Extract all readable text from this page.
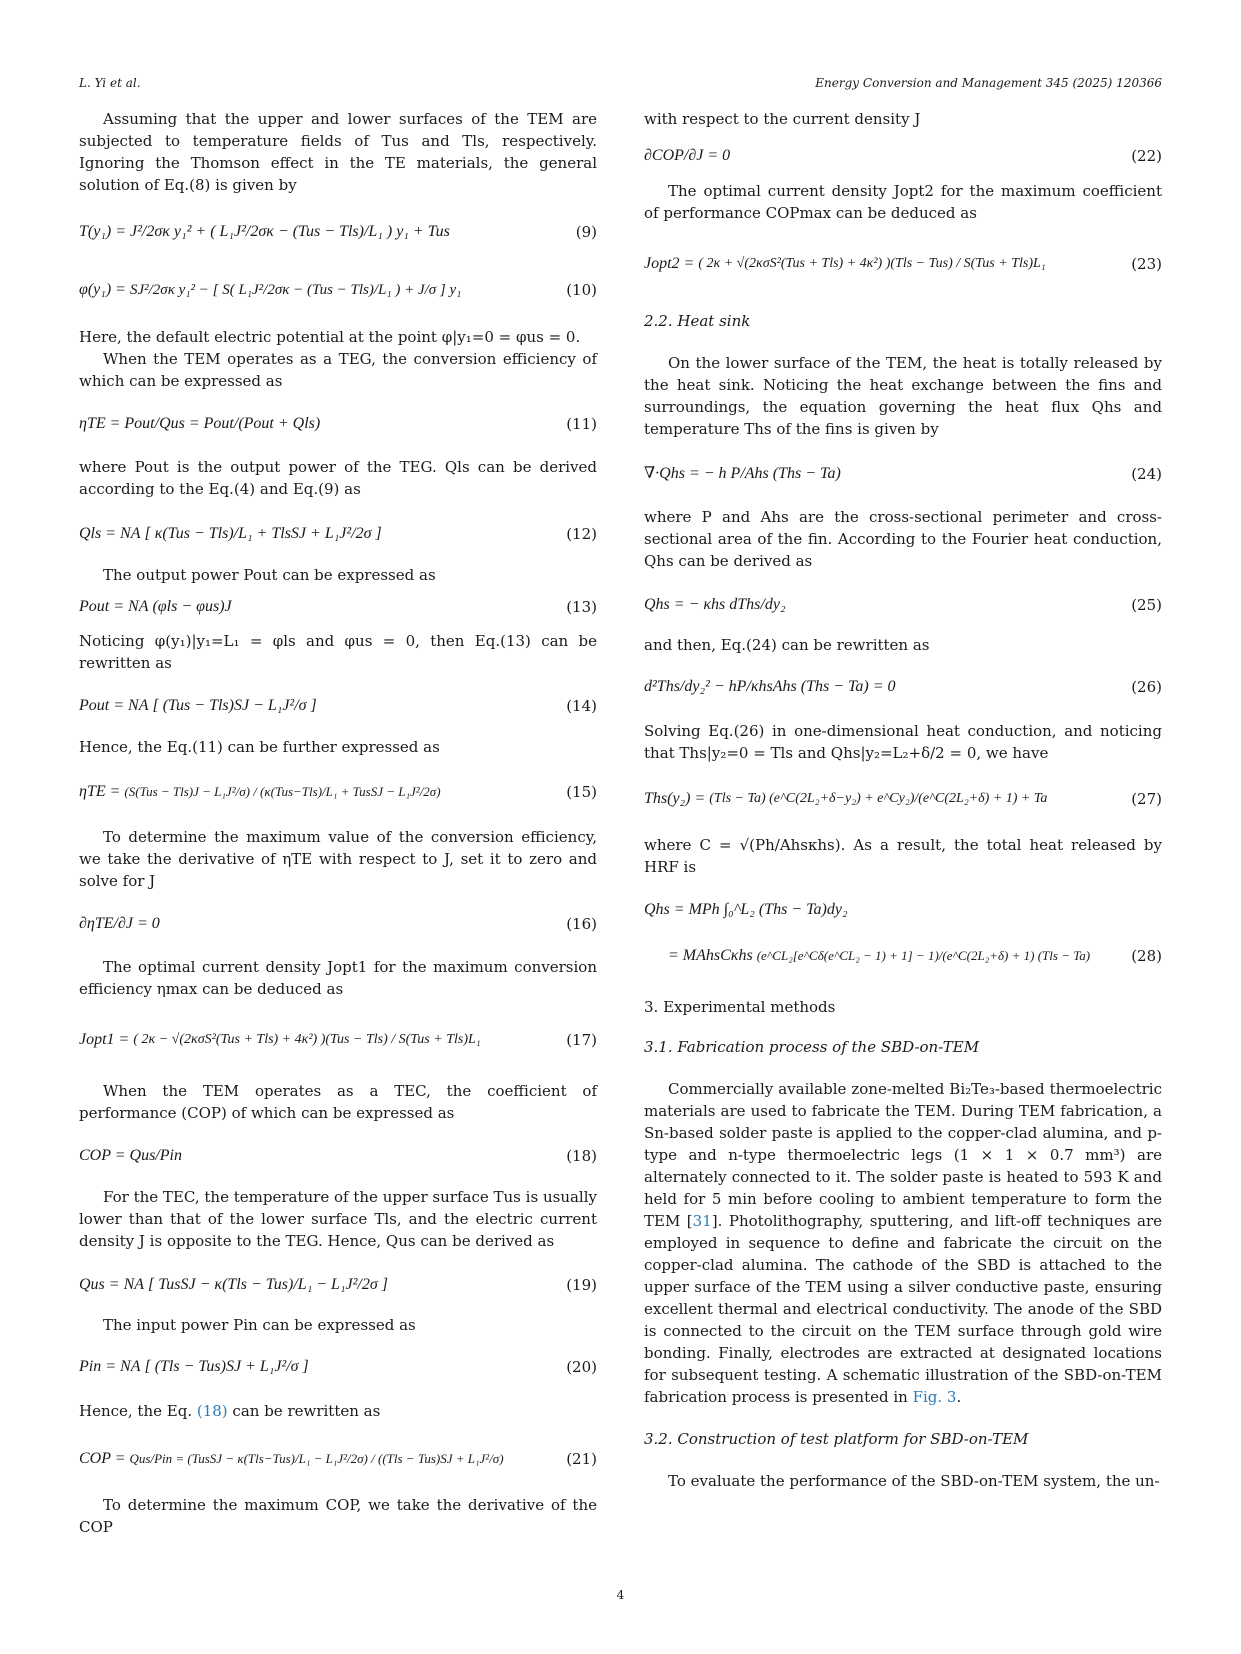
L. Yi et al.	Energy Conversion and Management 345 (2025) 120366

Assuming that the upper and lower surfaces of the TEM are subjected to temperature fields of Tus and Tls, respectively. Ignoring the Thomson effect in the TE materials, the general solution of Eq.(8) is given by

T(y₁) =
J²/2σκ y₁² + ( L₁J²/2σκ − (Tus − Tls)/L₁ ) y₁ + Tus	(9)
φ(y₁) =
SJ²/2σκ y₁² − [ S( L₁J²/2σκ − (Tus − Tls)/L₁ ) + J/σ ] y₁	(10)

Here, the default electric potential at the point φ|y₁=0 = φus = 0.

When the TEM operates as a TEG, the conversion efficiency of which can be expressed as

ηTE =
Pout/Qus = Pout/(Pout + Qls)	(11)

where Pout is the output power of the TEG. Qls can be derived according to the Eq.(4) and Eq.(9) as

Qls = NA
[ κ(Tus − Tls)/L₁ + TlsSJ + L₁J²/2σ ]	(12)

The output power Pout can be expressed as

Pout = NA
(φls − φus)J	(13)

Noticing φ(y₁)|y₁=L₁ = φls and φus = 0, then Eq.(13) can be rewritten as

Pout = NA
[ (Tus − Tls)SJ − L₁J²/σ ]	(14)

Hence, the Eq.(11) can be further expressed as

ηTE =
(S(Tus − Tls)J − L₁J²/σ) / (κ(Tus−Tls)/L₁ + TusSJ − L₁J²/2σ)	(15)

To determine the maximum value of the conversion efficiency, we take the derivative of ηTE with respect to J, set it to zero and solve for J

∂ηTE/∂J = 0	(16)

The optimal current density Jopt1 for the maximum conversion efficiency ηmax can be deduced as

Jopt1 =
( 2κ − √(2κσS²(Tus + Tls) + 4κ²) )(Tus − Tls) / S(Tus + Tls)L₁	(17)

When the TEM operates as a TEC, the coefficient of performance (COP) of which can be expressed as

COP =
Qus/Pin	(18)

For the TEC, the temperature of the upper surface Tus is usually lower than that of the lower surface Tls, and the electric current density J is opposite to the TEG. Hence, Qus can be derived as

Qus = NA
[ TusSJ − κ(Tls − Tus)/L₁ − L₁J²/2σ ]	(19)

The input power Pin can be expressed as

Pin = NA
[ (Tls − Tus)SJ + L₁J²/σ ]	(20)

Hence, the Eq. (18) can be rewritten as

COP =
Qus/Pin = (TusSJ − κ(Tls−Tus)/L₁ − L₁J²/2σ) / ((Tls − Tus)SJ + L₁J²/σ)	(21)

To determine the maximum COP, we take the derivative of the COP

with respect to the current density J

∂COP/∂J = 0	(22)

The optimal current density Jopt2 for the maximum coefficient of performance COPmax can be deduced as

Jopt2 =
( 2κ + √(2κσS²(Tus + Tls) + 4κ²) )(Tls − Tus) / S(Tus + Tls)L₁	(23)

2.2. Heat sink

On the lower surface of the TEM, the heat is totally released by the heat sink. Noticing the heat exchange between the fins and surroundings, the equation governing the heat flux Qhs and temperature Ths of the fins is given by

∇·Qhs =
− h P/Ahs (Ths − Ta)	(24)

where P and Ahs are the cross-sectional perimeter and cross-sectional area of the fin. According to the Fourier heat conduction, Qhs can be derived as

Qhs =
− κhs dThs/dy₂	(25)

and then, Eq.(24) can be rewritten as

d²Ths/dy₂² −
hP/κhsAhs (Ths − Ta) = 0	(26)

Solving Eq.(26) in one-dimensional heat conduction, and noticing that Ths|y₂=0 = Tls and Qhs|y₂=L₂+δ/2 = 0, we have

Ths(y₂) =
(Tls − Ta) (e^C(2L₂+δ−y₂) + e^Cy₂)/(e^C(2L₂+δ) + 1) + Ta	(27)

where C = √(Ph/Ahsκhs). As a result, the total heat released by HRF is

Qhs = MPh
∫₀^L₂ (Ths − Ta)dy₂
= MAhsCκhs
(e^CL₂[e^Cδ(e^CL₂ − 1) + 1] − 1)/(e^C(2L₂+δ) + 1) (Tls − Ta)	(28)

3. Experimental methods

3.1. Fabrication process of the SBD-on-TEM

Commercially available zone-melted Bi₂Te₃-based thermoelectric materials are used to fabricate the TEM. During TEM fabrication, a Sn-based solder paste is applied to the copper-clad alumina, and p-type and n-type thermoelectric legs (1 × 1 × 0.7 mm³) are alternately connected to it. The solder paste is heated to 593 K and held for 5 min before cooling to ambient temperature to form the TEM [31]. Photolithography, sputtering, and lift-off techniques are employed in sequence to define and fabricate the circuit on the copper-clad alumina. The cathode of the SBD is attached to the upper surface of the TEM using a silver conductive paste, ensuring excellent thermal and electrical conductivity. The anode of the SBD is connected to the circuit on the TEM surface through gold wire bonding. Finally, electrodes are extracted at designated locations for subsequent testing. A schematic illustration of the SBD-on-TEM fabrication process is presented in Fig. 3.

3.2. Construction of test platform for SBD-on-TEM

To evaluate the performance of the SBD-on-TEM system, the un-

4
